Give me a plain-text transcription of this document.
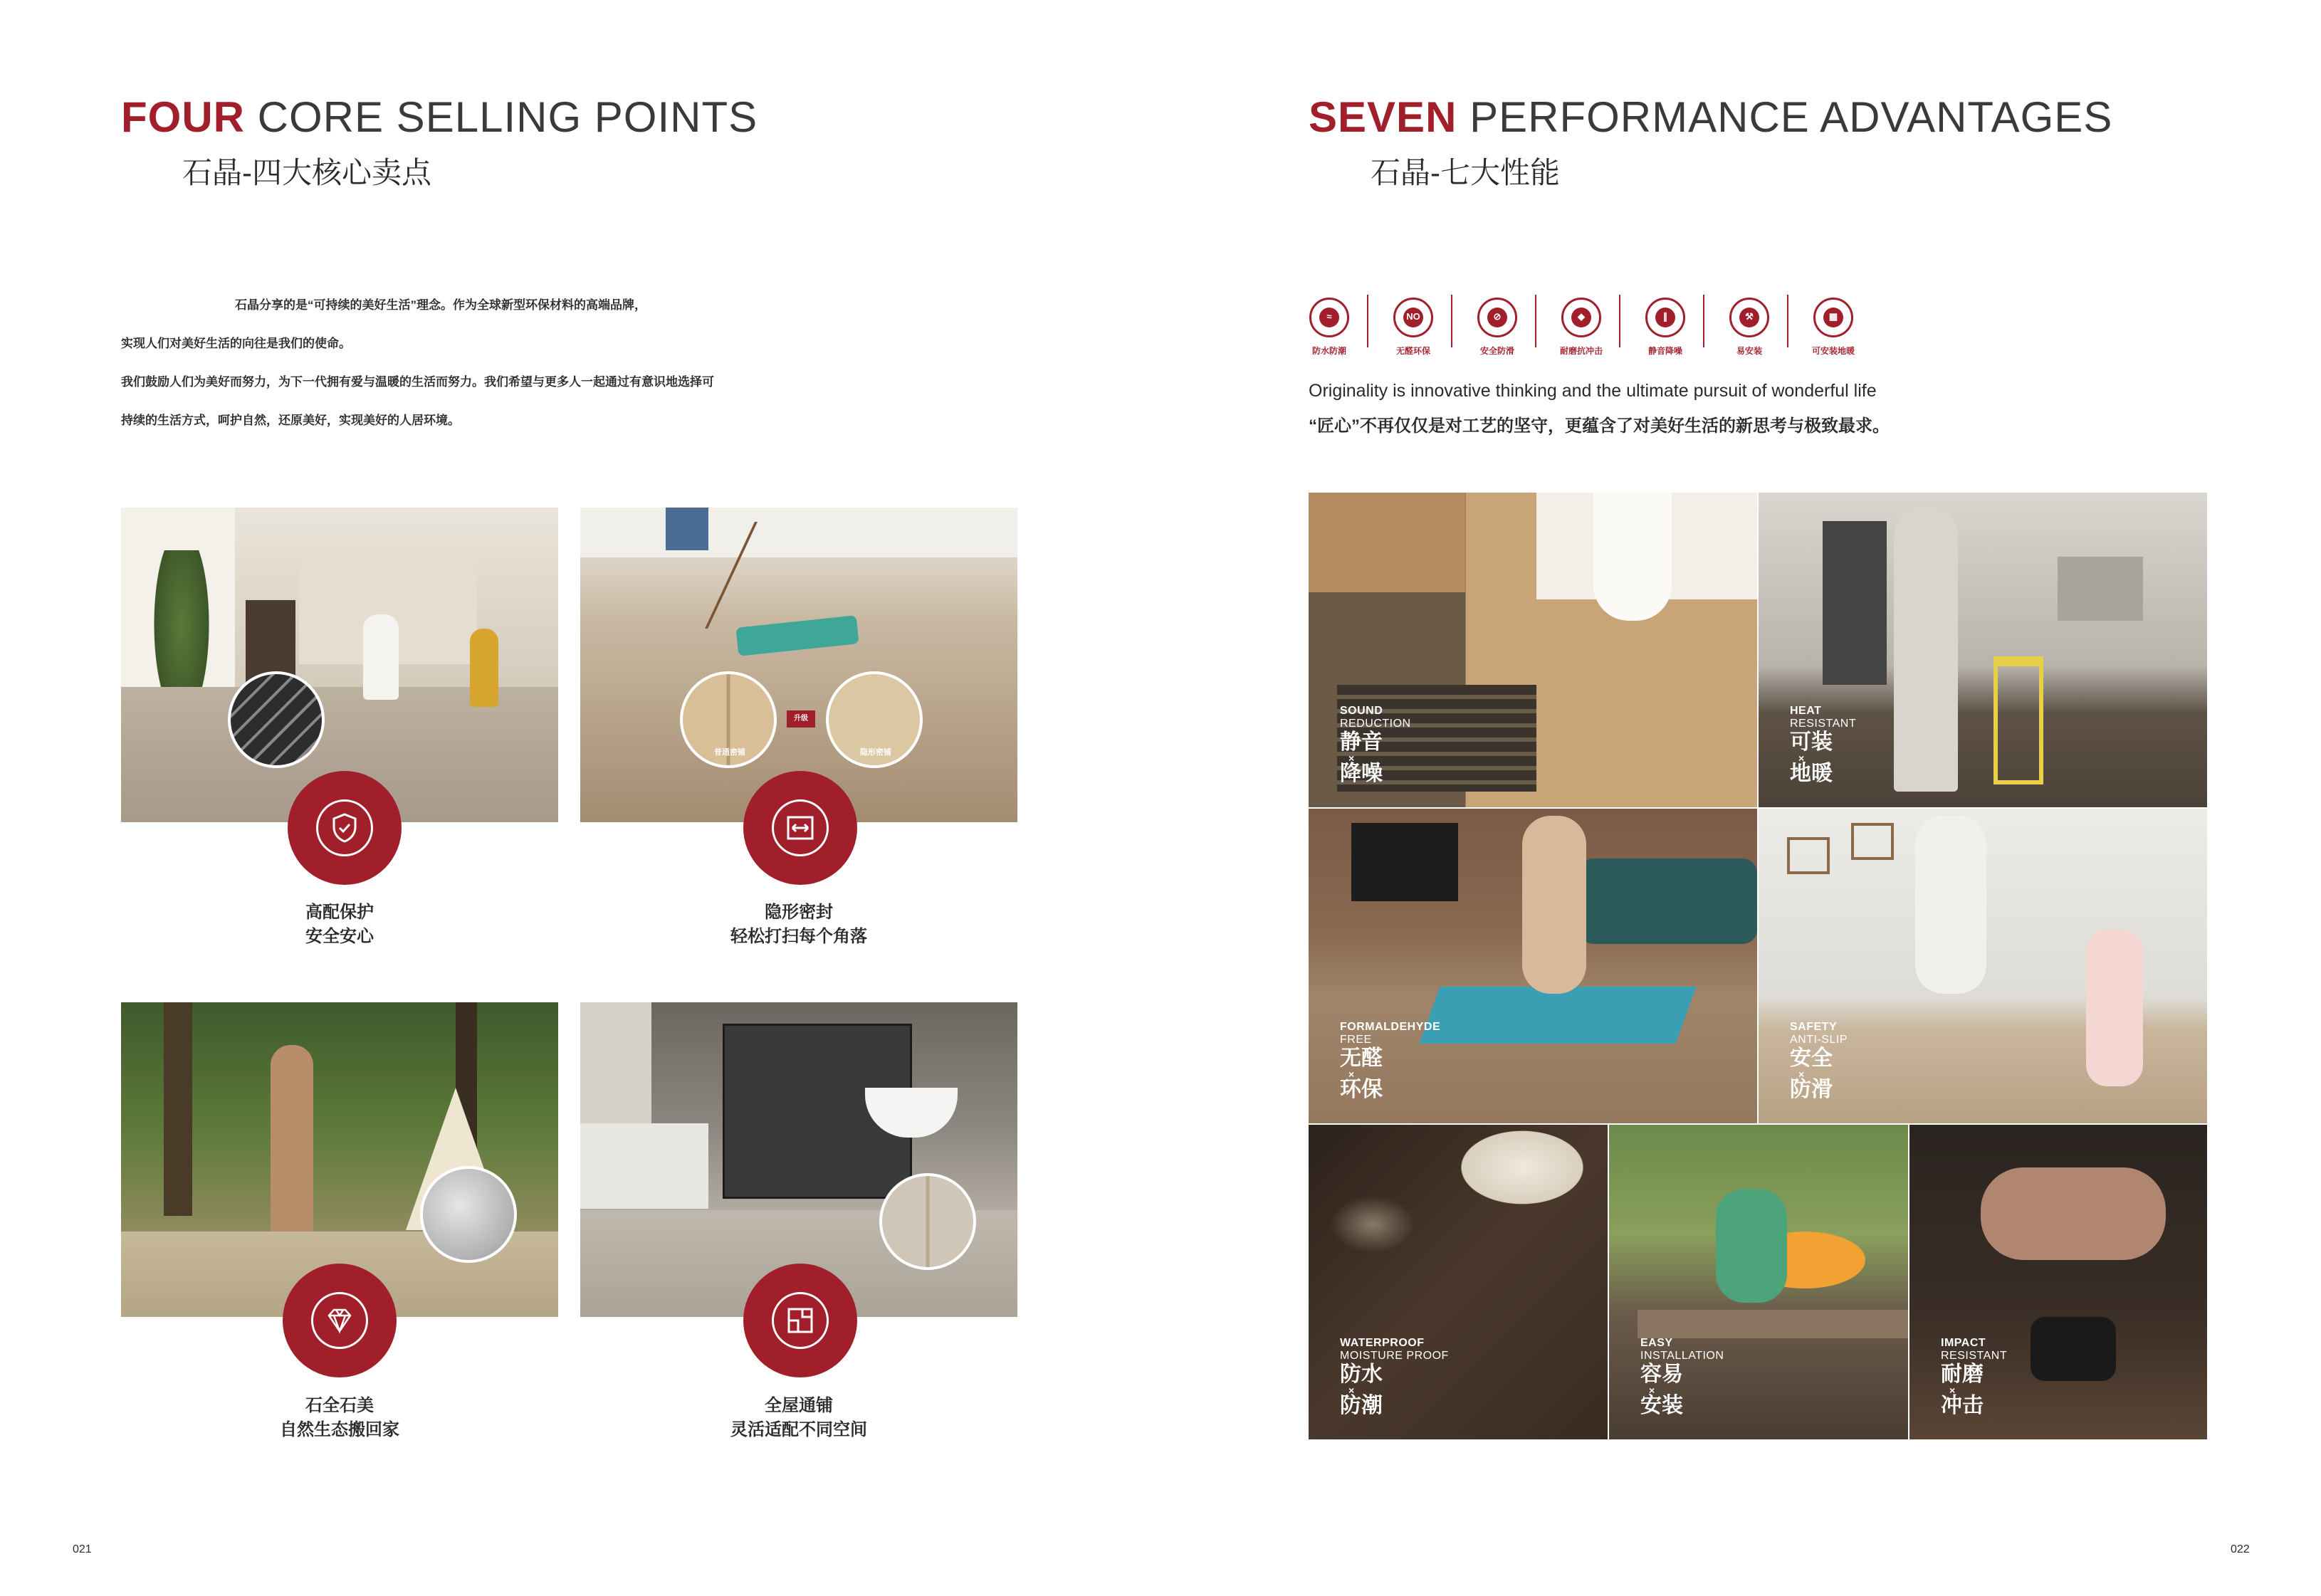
FOUR CORE SELLING POINTS
石晶-四大核心卖点

石晶分享的是“可持续的美好生活”理念。作为全球新型环保材料的高端品牌，

实现人们对美好生活的向往是我们的使命。

我们鼓励人们为美好而努力，为下一代拥有爱与温暖的生活而努力。我们希望与更多人一起通过有意识地选择可

持续的生活方式，呵护自然，还原美好，实现美好的人居环境。

高配保护
安全安心
升级
普通密铺	隐形密铺
隐形密封
轻松打扫每个角落
石全石美
自然生态搬回家
全屋通铺
灵活适配不同空间
021
SEVEN PERFORMANCE ADVANTAGES
石晶-七大性能
≈
防水防潮
NO
无醛环保
⊘
安全防滑
◆
耐磨抗冲击
∥
静音降噪
⚒
易安装
▦
可安装地暖
Originality is innovative thinking and the ultimate pursuit of wonderful life
“匠心”不再仅仅是对工艺的坚守，更蕴含了对美好生活的新思考与极致最求。
SOUND
REDUCTION
静音
×
降噪
HEAT
RESISTANT
可装
×
地暖
FORMALDEHYDE
FREE
无醛
×
环保
SAFETY
ANTI-SLIP
安全
×
防滑
WATERPROOF
MOISTURE PROOF
防水
×
防潮
EASY
INSTALLATION
容易
×
安装
IMPACT
RESISTANT
耐磨
×
冲击
022
